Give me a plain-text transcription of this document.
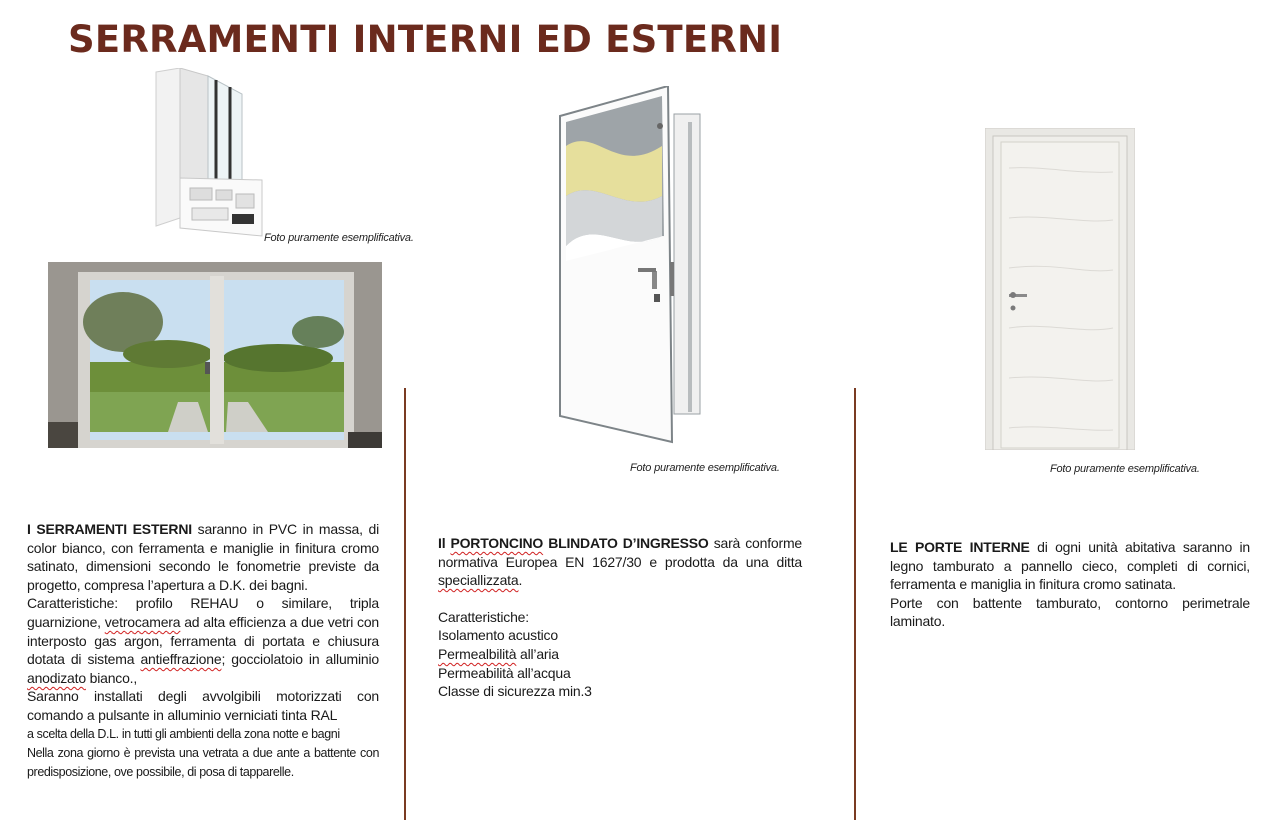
SERRAMENTI INTERNI ED ESTERNI
Foto puramente esemplificativa.
Foto puramente esemplificativa.	Foto puramente esemplificativa.

I SERRAMENTI ESTERNI saranno in PVC in massa, di color bianco, con ferramenta e maniglie in finitura cromo satinato, dimensioni secondo le fonometrie previste da progetto, compresa l’apertura a D.K. dei bagni.

Caratteristiche: profilo REHAU o similare, tripla guarnizione, vetrocamera ad alta efficienza a due vetri con interposto gas argon, ferramenta di portata e chiusura dotata di sistema antieffrazione; gocciolatoio in alluminio anodizato bianco.,

Saranno installati degli avvolgibili motorizzati con comando a pulsante in alluminio verniciati tinta RAL

a scelta della D.L. in tutti gli ambienti della zona notte e bagni

Nella zona giorno è prevista una vetrata a due ante a battente con predisposizione, ove possibile, di posa di tapparelle.

Il PORTONCINO BLINDATO D’INGRESSO sarà conforme normativa Europea EN 1627/30 e prodotta da una ditta speciallizzata.

Caratteristiche:

Isolamento acustico

Permealbilità all’aria

Permeabilità all’acqua

Classe di sicurezza min.3

LE PORTE INTERNE di ogni unità abitativa saranno in legno tamburato a pannello cieco, completi di cornici, ferramenta e maniglia in finitura cromo satinata.

Porte con battente tamburato, contorno perimetrale laminato.
